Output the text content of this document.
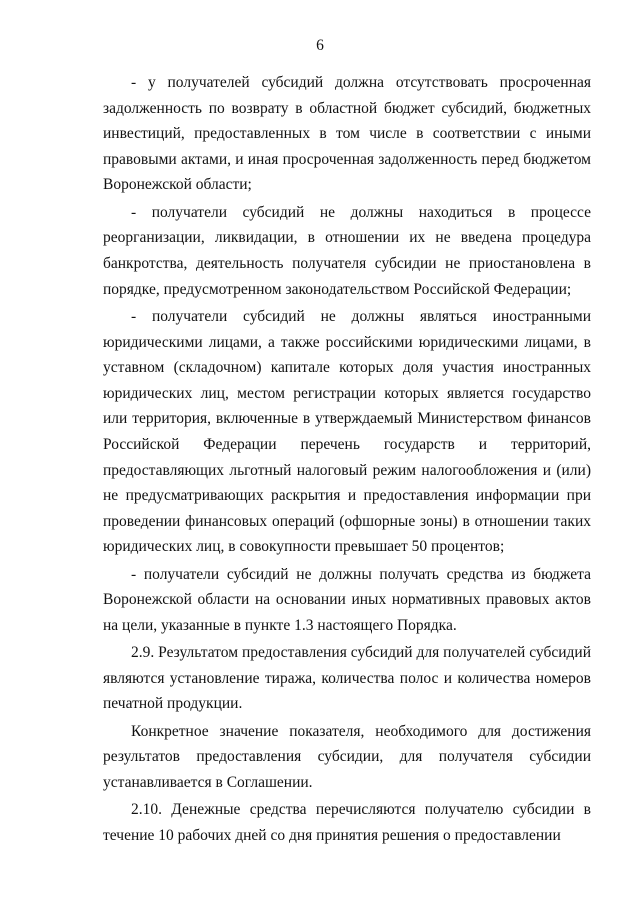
6

- у получателей субсидий должна отсутствовать просроченная задолженность по возврату в областной бюджет субсидий, бюджетных инвестиций, предоставленных в том числе в соответствии с иными правовыми актами, и иная просроченная задолженность перед бюджетом Воронежской области;

- получатели субсидий не должны находиться в процессе реорганизации, ликвидации, в отношении их не введена процедура банкротства, деятельность получателя субсидии не приостановлена в порядке, предусмотренном законодательством Российской Федерации;

- получатели субсидий не должны являться иностранными юридическими лицами, а также российскими юридическими лицами, в уставном (складочном) капитале которых доля участия иностранных юридических лиц, местом регистрации которых является государство или территория, включенные в утверждаемый Министерством финансов Российской Федерации перечень государств и территорий, предоставляющих льготный налоговый режим налогообложения и (или) не предусматривающих раскрытия и предоставления информации при проведении финансовых операций (офшорные зоны) в отношении таких юридических лиц, в совокупности превышает 50 процентов;

- получатели субсидий не должны получать средства из бюджета Воронежской области на основании иных нормативных правовых актов на цели, указанные в пункте 1.3 настоящего Порядка.

2.9. Результатом предоставления субсидий для получателей субсидий являются установление тиража, количества полос и количества номеров печатной продукции.

Конкретное значение показателя, необходимого для достижения результатов предоставления субсидии, для получателя субсидии устанавливается в Соглашении.

2.10. Денежные средства перечисляются получателю субсидии в течение 10 рабочих дней со дня принятия решения о предоставлении
